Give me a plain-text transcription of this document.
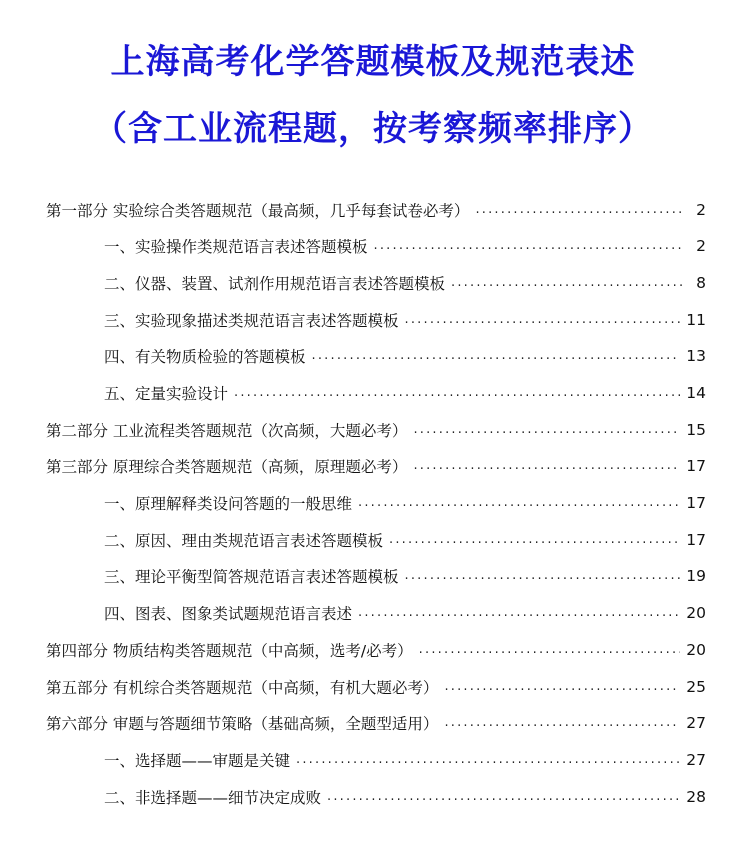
上海高考化学答题模板及规范表述
（含工业流程题，按考察频率排序）
第一部分 实验综合类答题规范（最高频，几乎每套试卷必考） .....	2
一、实验操作类规范语言表述答题模板 .....	2
二、仪器、装置、试剂作用规范语言表述答题模板 .....	8
三、实验现象描述类规范语言表述答题模板 .....	11
四、有关物质检验的答题模板 .....	13
五、定量实验设计 .....	14
第二部分 工业流程类答题规范（次高频，大题必考） .....	15
第三部分 原理综合类答题规范（高频，原理题必考） .....	17
一、原理解释类设问答题的一般思维 .....	17
二、原因、理由类规范语言表述答题模板 .....	17
三、理论平衡型简答规范语言表述答题模板 .....	19
四、图表、图象类试题规范语言表述 .....	20
第四部分 物质结构类答题规范（中高频，选考/必考） .....	20
第五部分 有机综合类答题规范（中高频，有机大题必考） .....	25
第六部分 审题与答题细节策略（基础高频，全题型适用） .....	27
一、选择题——审题是关键 .....	27
二、非选择题——细节决定成败 .....	28
